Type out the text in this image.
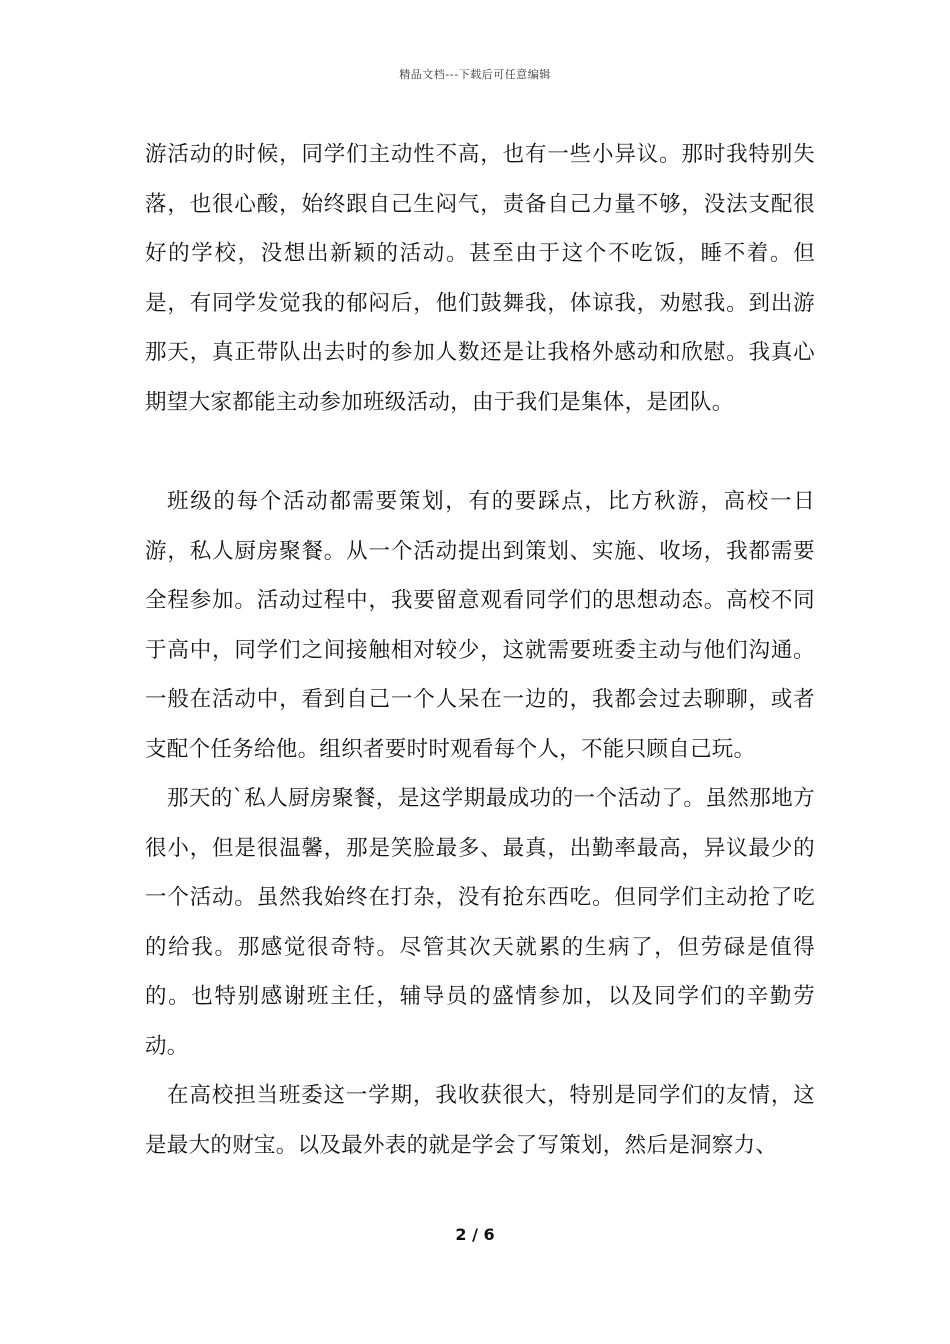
精品文档---下载后可任意编辑

游活动的时候，同学们主动性不高，也有一些小异议。那时我特别失落，也很心酸，始终跟自己生闷气，责备自己力量不够，没法支配很好的学校，没想出新颖的活动。甚至由于这个不吃饭，睡不着。但是，有同学发觉我的郁闷后，他们鼓舞我，体谅我，劝慰我。到出游那天，真正带队出去时的参加人数还是让我格外感动和欣慰。我真心期望大家都能主动参加班级活动，由于我们是集体，是团队。

班级的每个活动都需要策划，有的要踩点，比方秋游，高校一日游，私人厨房聚餐。从一个活动提出到策划、实施、收场，我都需要全程参加。活动过程中，我要留意观看同学们的思想动态。高校不同于高中，同学们之间接触相对较少，这就需要班委主动与他们沟通。一般在活动中，看到自己一个人呆在一边的，我都会过去聊聊，或者支配个任务给他。组织者要时时观看每个人，不能只顾自己玩。

那天的`私人厨房聚餐，是这学期最成功的一个活动了。虽然那地方很小，但是很温馨，那是笑脸最多、最真，出勤率最高，异议最少的一个活动。虽然我始终在打杂，没有抢东西吃。但同学们主动抢了吃的给我。那感觉很奇特。尽管其次天就累的生病了，但劳碌是值得的。也特别感谢班主任，辅导员的盛情参加，以及同学们的辛勤劳动。

在高校担当班委这一学期，我收获很大，特别是同学们的友情，这是最大的财宝。以及最外表的就是学会了写策划，然后是洞察力、

2 / 6
